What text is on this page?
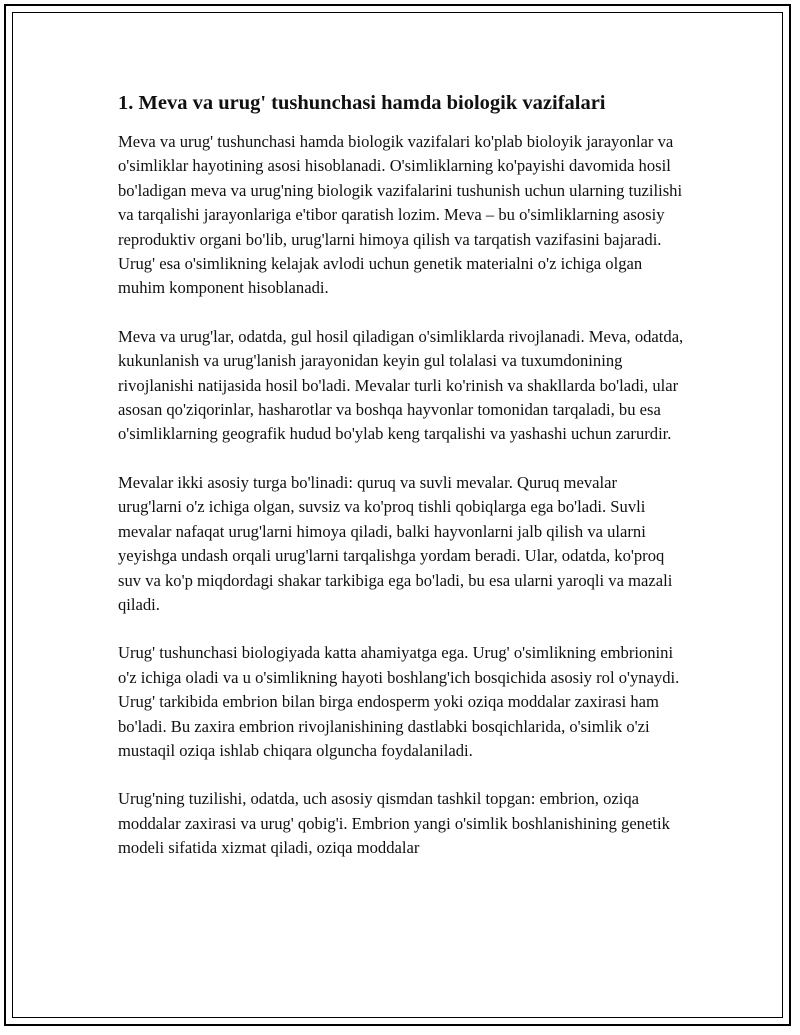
1. Meva va urug' tushunchasi hamda biologik vazifalari

Meva va urug' tushunchasi hamda biologik vazifalari ko'plab bioloyik jarayonlar va o'simliklar hayotining asosi hisoblanadi. O'simliklarning ko'payishi davomida hosil bo'ladigan meva va urug'ning biologik vazifalarini tushunish uchun ularning tuzilishi va tarqalishi jarayonlariga e'tibor qaratish lozim. Meva – bu o'simliklarning asosiy reproduktiv organi bo'lib, urug'larni himoya qilish va tarqatish vazifasini bajaradi. Urug' esa o'simlikning kelajak avlodi uchun genetik materialni o'z ichiga olgan muhim komponent hisoblanadi.

Meva va urug'lar, odatda, gul hosil qiladigan o'simliklarda rivojlanadi. Meva, odatda, kukunlanish va urug'lanish jarayonidan keyin gul tolalasi va tuxumdonining rivojlanishi natijasida hosil bo'ladi. Mevalar turli ko'rinish va shakllarda bo'ladi, ular asosan qo'ziqorinlar, hasharotlar va boshqa hayvonlar tomonidan tarqaladi, bu esa o'simliklarning geografik hudud bo'ylab keng tarqalishi va yashashi uchun zarurdir.

Mevalar ikki asosiy turga bo'linadi: quruq va suvli mevalar. Quruq mevalar urug'larni o'z ichiga olgan, suvsiz va ko'proq tishli qobiqlarga ega bo'ladi. Suvli mevalar nafaqat urug'larni himoya qiladi, balki hayvonlarni jalb qilish va ularni yeyishga undash orqali urug'larni tarqalishga yordam beradi. Ular, odatda, ko'proq suv va ko'p miqdordagi shakar tarkibiga ega bo'ladi, bu esa ularni yaroqli va mazali qiladi.

Urug' tushunchasi biologiyada katta ahamiyatga ega. Urug' o'simlikning embrionini o'z ichiga oladi va u o'simlikning hayoti boshlang'ich bosqichida asosiy rol o'ynaydi. Urug' tarkibida embrion bilan birga endosperm yoki oziqa moddalar zaxirasi ham bo'ladi. Bu zaxira embrion rivojlanishining dastlabki bosqichlarida, o'simlik o'zi mustaqil oziqa ishlab chiqara olguncha foydalaniladi.

Urug'ning tuzilishi, odatda, uch asosiy qismdan tashkil topgan: embrion, oziqa moddalar zaxirasi va urug' qobig'i. Embrion yangi o'simlik boshlanishining genetik modeli sifatida xizmat qiladi, oziqa moddalar
